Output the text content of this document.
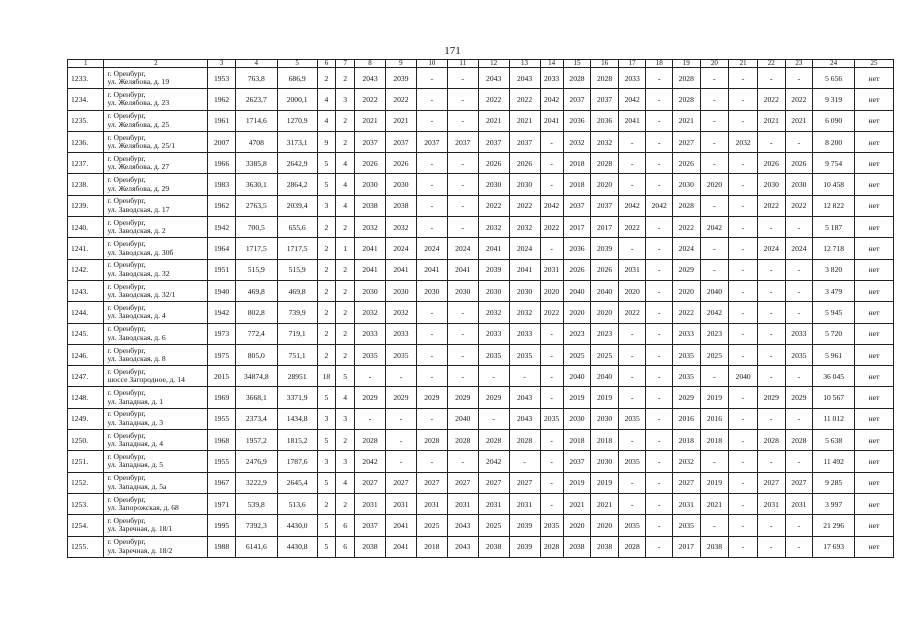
171
1	2	3	4	5	6	7	8	9	10	11	12	13	14	15	16	17	18	19	20	21	22	23	24	25
1233.	г. Оренбург,
ул. Желябова, д. 19	1953	763,8	686,9	2	2	2043	2039	-	-	2043	2043	2033	2028	2028	2033	-	2028	-	-	-	-	5 656	нет
1234.	г. Оренбург,
ул. Желябова, д. 23	1962	2623,7	2000,1	4	3	2022	2022	-	-	2022	2022	2042	2037	2037	2042	-	2028	-	-	2022	2022	9 319	нет
1235.	г. Оренбург,
ул. Желябова, д. 25	1961	1714,6	1270,9	4	2	2021	2021	-	-	2021	2021	2041	2036	2036	2041	-	2021	-	-	2021	2021	6 090	нет
1236.	г. Оренбург,
ул. Желябова, д. 25/1	2007	4708	3173,1	9	2	2037	2037	2037	2037	2037	2037	-	2032	2032	-	-	2027	-	2032	-	-	8 200	нет
1237.	г. Оренбург,
ул. Желябова, д. 27	1966	3385,8	2642,9	5	4	2026	2026	-	-	2026	2026	-	2018	2028	-	-	2026	-	-	2026	2026	9 754	нет
1238.	г. Оренбург,
ул. Желябова, д. 29	1983	3630,1	2864,2	5	4	2030	2030	-	-	2030	2030	-	2018	2020	-	-	2030	2020	-	2030	2030	10 458	нет
1239.	г. Оренбург,
ул. Заводская, д. 17	1962	2763,5	2039,4	3	4	2038	2038	-	-	2022	2022	2042	2037	2037	2042	2042	2028	-	-	2022	2022	12 822	нет
1240.	г. Оренбург,
ул. Заводская, д. 2	1942	700,5	655,6	2	2	2032	2032	-	-	2032	2032	2022	2017	2017	2022	-	2022	2042	-	-	-	5 187	нет
1241.	г. Оренбург,
ул. Заводская, д. 30б	1964	1717,5	1717,5	2	1	2041	2024	2024	2024	2041	2024	-	2036	2039	-	-	2024	-	-	2024	2024	12 718	нет
1242.	г. Оренбург,
ул. Заводская, д. 32	1951	515,9	515,9	2	2	2041	2041	2041	2041	2039	2041	2031	2026	2026	2031	-	2029	-	-	-	-	3 820	нет
1243.	г. Оренбург,
ул. Заводская, д. 32/1	1940	469,8	469,8	2	2	2030	2030	2030	2030	2030	2030	2020	2040	2040	2020	-	2020	2040	-	-	-	3 479	нет
1244.	г. Оренбург,
ул. Заводская, д. 4	1942	802,8	739,9	2	2	2032	2032	-	-	2032	2032	2022	2020	2020	2022	-	2022	2042	-	-	-	5 945	нет
1245.	г. Оренбург,
ул. Заводская, д. 6	1973	772,4	719,1	2	2	2033	2033	-	-	2033	2033	-	2023	2023	-	-	2033	2023	-	-	2033	5 720	нет
1246.	г. Оренбург,
ул. Заводская, д. 8	1975	805,0	751,1	2	2	2035	2035	-	-	2035	2035	-	2025	2025	-	-	2035	2025	-	-	2035	5 961	нет
1247.	г. Оренбург,
шоссе Загородное, д. 14	2015	34874,8	28951	18	5	-	-	-	-	-	-	-	2040	2040	-	-	2035	-	2040	-	-	36 045	нет
1248.	г. Оренбург,
ул. Западная, д. 1	1969	3668,1	3371,9	5	4	2029	2029	2029	2029	2029	2043	-	2019	2019	-	-	2029	2019	-	2029	2029	10 567	нет
1249.	г. Оренбург,
ул. Западная, д. 3	1955	2373,4	1434,8	3	3	-	-	-	2040	-	2043	2035	2030	2030	2035	-	2016	2016	-	-	-	11 012	нет
1250.	г. Оренбург,
ул. Западная, д. 4	1968	1957,2	1815,2	5	2	2028	-	2028	2028	2028	2028	-	2018	2018	-	-	2018	2018	-	2028	2028	5 638	нет
1251.	г. Оренбург,
ул. Западная, д. 5	1955	2476,9	1787,6	3	3	2042	-	-	-	2042	-	-	2037	2030	2035	-	2032	-	-	-	-	11 492	нет
1252.	г. Оренбург,
ул. Западная, д. 5а	1967	3222,9	2645,4	5	4	2027	2027	2027	2027	2027	2027	-	2019	2019	-	-	2027	2019	-	2027	2027	9 285	нет
1253.	г. Оренбург,
ул. Запорожская, д. 68	1971	539,8	513,6	2	2	2031	2031	2031	2031	2031	2031	-	2021	2021	-	-	2031	2021	-	2031	2031	3 997	нет
1254.	г. Оренбург,
ул. Заречная, д. 18/1	1995	7392,3	4430,0	5	6	2037	2041	2025	2043	2025	2039	2035	2020	2020	2035	-	2035	-	-	-	-	21 296	нет
1255.	г. Оренбург,
ул. Заречная, д. 18/2	1988	6141,6	4430,8	5	6	2038	2041	2018	2043	2038	2039	2028	2038	2038	2028	-	2017	2038	-	-	-	17 693	нет
